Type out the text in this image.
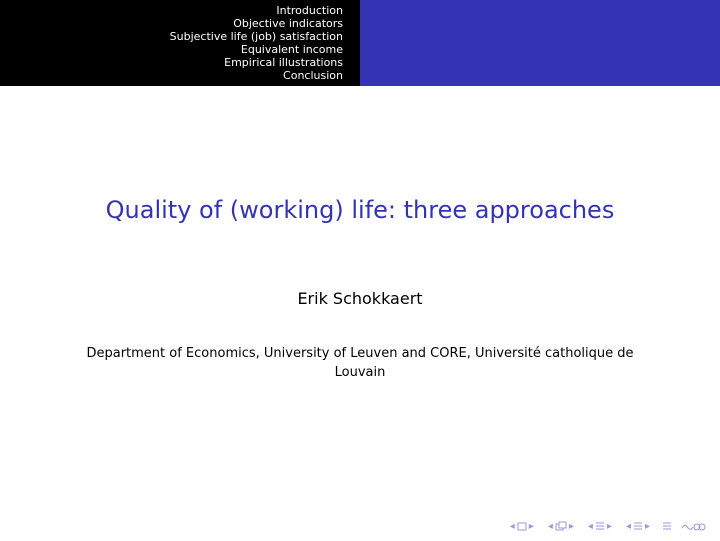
Introduction
Objective indicators
Subjective life (job) satisfaction
Equivalent income
Empirical illustrations
Conclusion
Quality of (working) life: three approaches
Erik Schokkaert
Department of Economics, University of Leuven and CORE, Université catholique de Louvain
◂ ▸	◂ ▸	◂ ▸	◂ ▸
